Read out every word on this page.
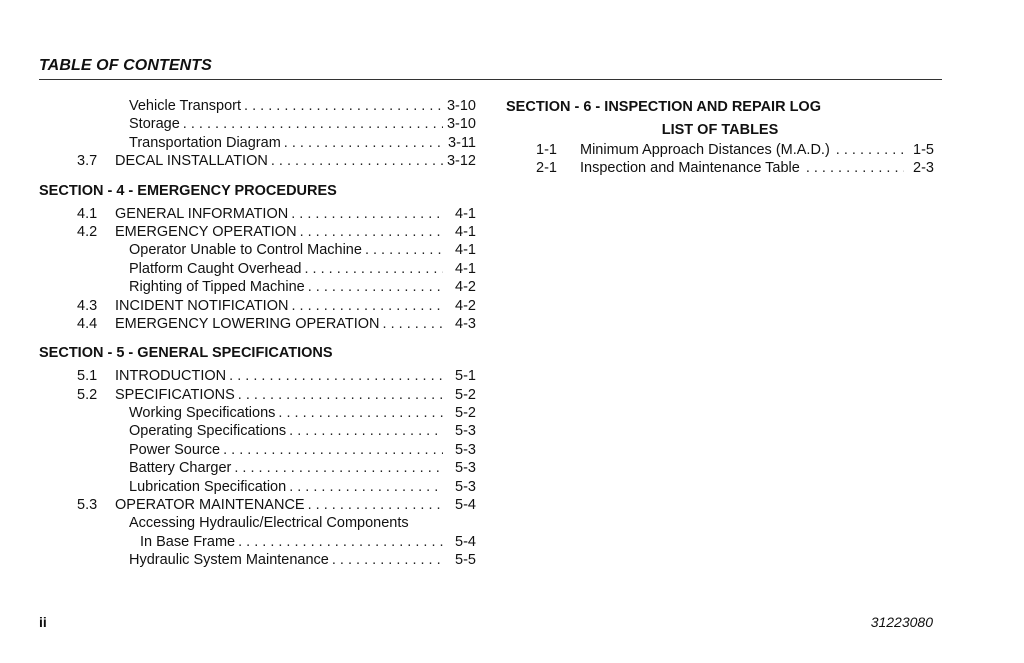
TABLE OF CONTENTS
Vehicle Transport . . .	3-10
Storage . . .	3-10
Transportation Diagram . . .	3-11
3.7	DECAL INSTALLATION . . .	3-12
SECTION - 4 - EMERGENCY PROCEDURES
4.1	GENERAL INFORMATION . . .	4-1
4.2	EMERGENCY OPERATION . . .	4-1
Operator Unable to Control Machine . . .	4-1
Platform Caught Overhead . . .	4-1
Righting of Tipped Machine . . .	4-2
4.3	INCIDENT NOTIFICATION . . .	4-2
4.4	EMERGENCY LOWERING OPERATION . . .	4-3
SECTION - 5 - GENERAL SPECIFICATIONS
5.1	INTRODUCTION . . .	5-1
5.2	SPECIFICATIONS . . .	5-2
Working Specifications . . .	5-2
Operating Specifications . . .	5-3
Power Source . . .	5-3
Battery Charger . . .	5-3
Lubrication Specification . . .	5-3
5.3	OPERATOR MAINTENANCE . . .	5-4
Accessing Hydraulic/Electrical Components
In Base Frame . . .	5-4
Hydraulic System Maintenance . . .	5-5
SECTION - 6 - INSPECTION AND REPAIR LOG
LIST OF TABLES
1-1	Minimum Approach Distances (M.A.D.) . . .	1-5
2-1	Inspection and Maintenance Table . . .	2-3
ii	31223080
